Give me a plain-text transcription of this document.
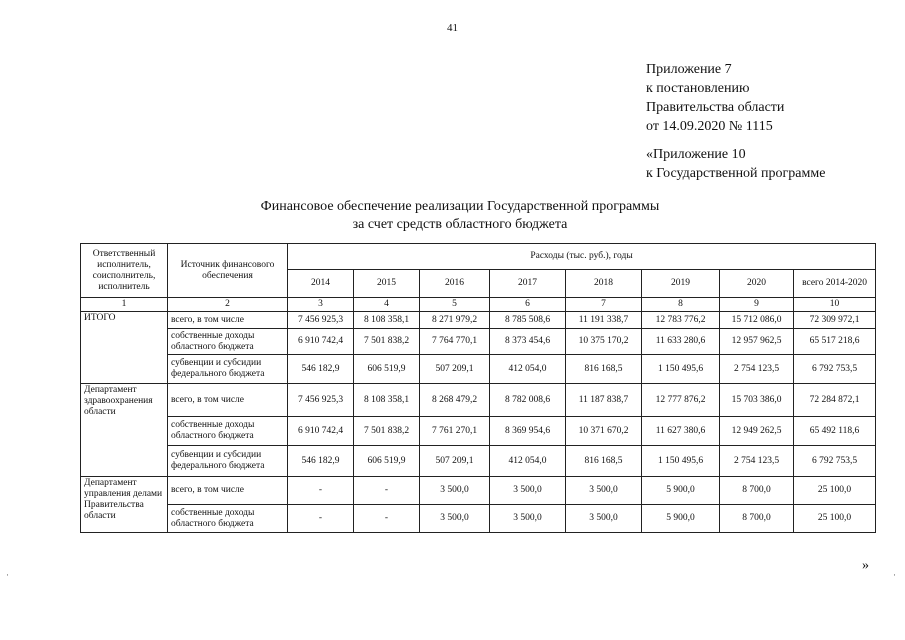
41
Приложение 7
к постановлению
Правительства области
от 14.09.2020 № 1115
«Приложение 10
к Государственной программе
Финансовое обеспечение реализации Государственной программы
за счет средств областного бюджета
Ответственный исполнитель, соисполнитель, исполнитель	Источник финансового обеспечения	Расходы (тыс. руб.), годы							
		2014	2015	2016	2017	2018	2019	2020	всего 2014-2020
1	2	3	4	5	6	7	8	9	10
ИТОГО	всего, в том числе	7 456 925,3	8 108 358,1	8 271 979,2	8 785 508,6	11 191 338,7	12 783 776,2	15 712 086,0	72 309 972,1
	собственные доходы областного бюджета	6 910 742,4	7 501 838,2	7 764 770,1	8 373 454,6	10 375 170,2	11 633 280,6	12 957 962,5	65 517 218,6
	субвенции и субсидии федерального бюджета	546 182,9	606 519,9	507 209,1	412 054,0	816 168,5	1 150 495,6	2 754 123,5	6 792 753,5
Департамент здравоохранения области	всего, в том числе	7 456 925,3	8 108 358,1	8 268 479,2	8 782 008,6	11 187 838,7	12 777 876,2	15 703 386,0	72 284 872,1
	собственные доходы областного бюджета	6 910 742,4	7 501 838,2	7 761 270,1	8 369 954,6	10 371 670,2	11 627 380,6	12 949 262,5	65 492 118,6
	субвенции и субсидии федерального бюджета	546 182,9	606 519,9	507 209,1	412 054,0	816 168,5	1 150 495,6	2 754 123,5	6 792 753,5
Департамент управления делами Правительства области	всего, в том числе	-	-	3 500,0	3 500,0	3 500,0	5 900,0	8 700,0	25 100,0
	собственные доходы областного бюджета	-	-	3 500,0	3 500,0	3 500,0	5 900,0	8 700,0	25 100,0
»
·	·
